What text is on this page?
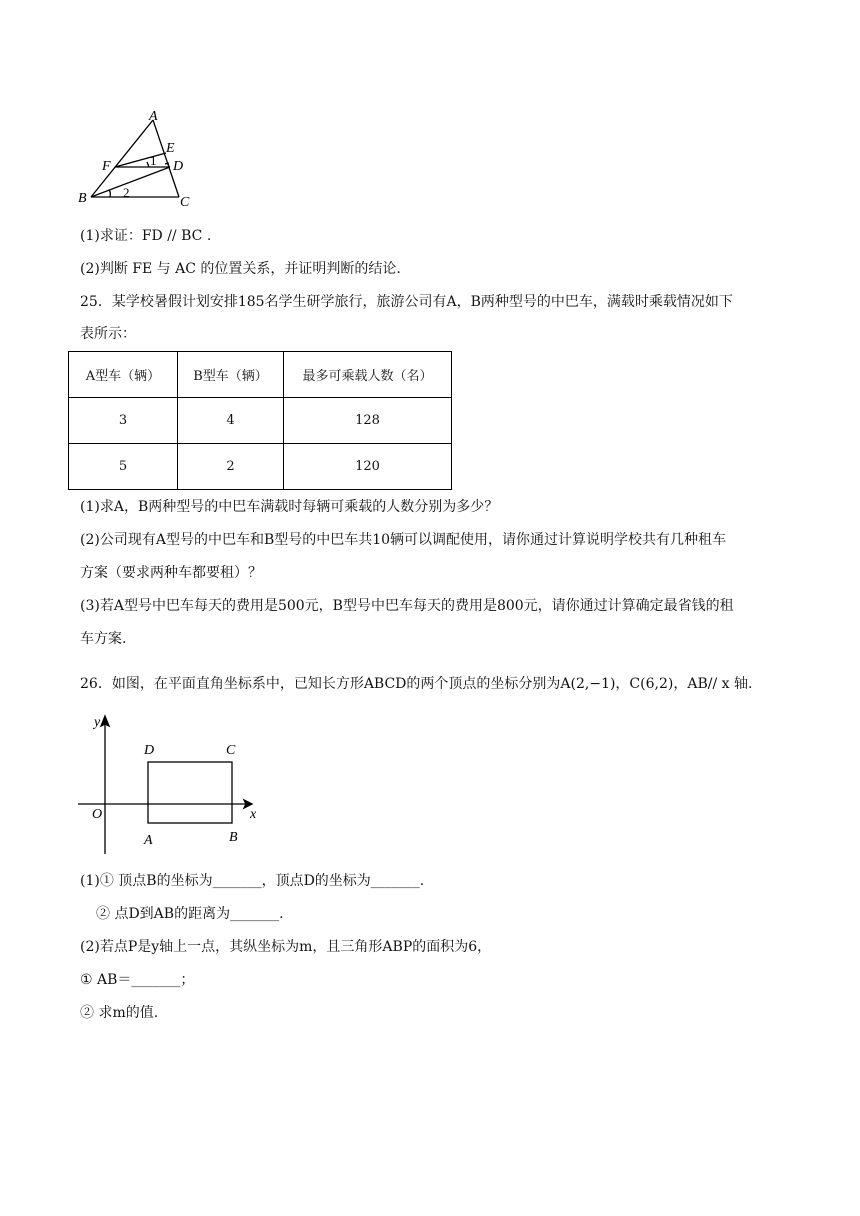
A
E
F	D
B	C
1
2
(1)求证：FD // BC .
(2)判断 FE 与 AC 的位置关系，并证明判断的结论.
25．某学校暑假计划安排185名学生研学旅行，旅游公司有A，B两种型号的中巴车，满载时乘载情况如下
表所示：
A型车（辆）	B型车（辆）	最多可乘载人数（名）
3	4	128
5	2	120
(1)求A，B两种型号的中巴车满载时每辆可乘载的人数分别为多少？
(2)公司现有A型号的中巴车和B型号的中巴车共10辆可以调配使用，请你通过计算说明学校共有几种租车
方案（要求两种车都要租）？
(3)若A型号中巴车每天的费用是500元，B型号中巴车每天的费用是800元，请你通过计算确定最省钱的租
车方案.
26．如图，在平面直角坐标系中，已知长方形ABCD的两个顶点的坐标分别为A(2,−1)，C(6,2)，AB// x 轴.
y
x
O
A	B
C
D
(1)① 顶点B的坐标为_______，顶点D的坐标为_______.
② 点D到AB的距离为_______.
(2)若点P是y轴上一点，其纵坐标为m，且三角形ABP的面积为6，
① AB＝_______；
② 求m的值.
